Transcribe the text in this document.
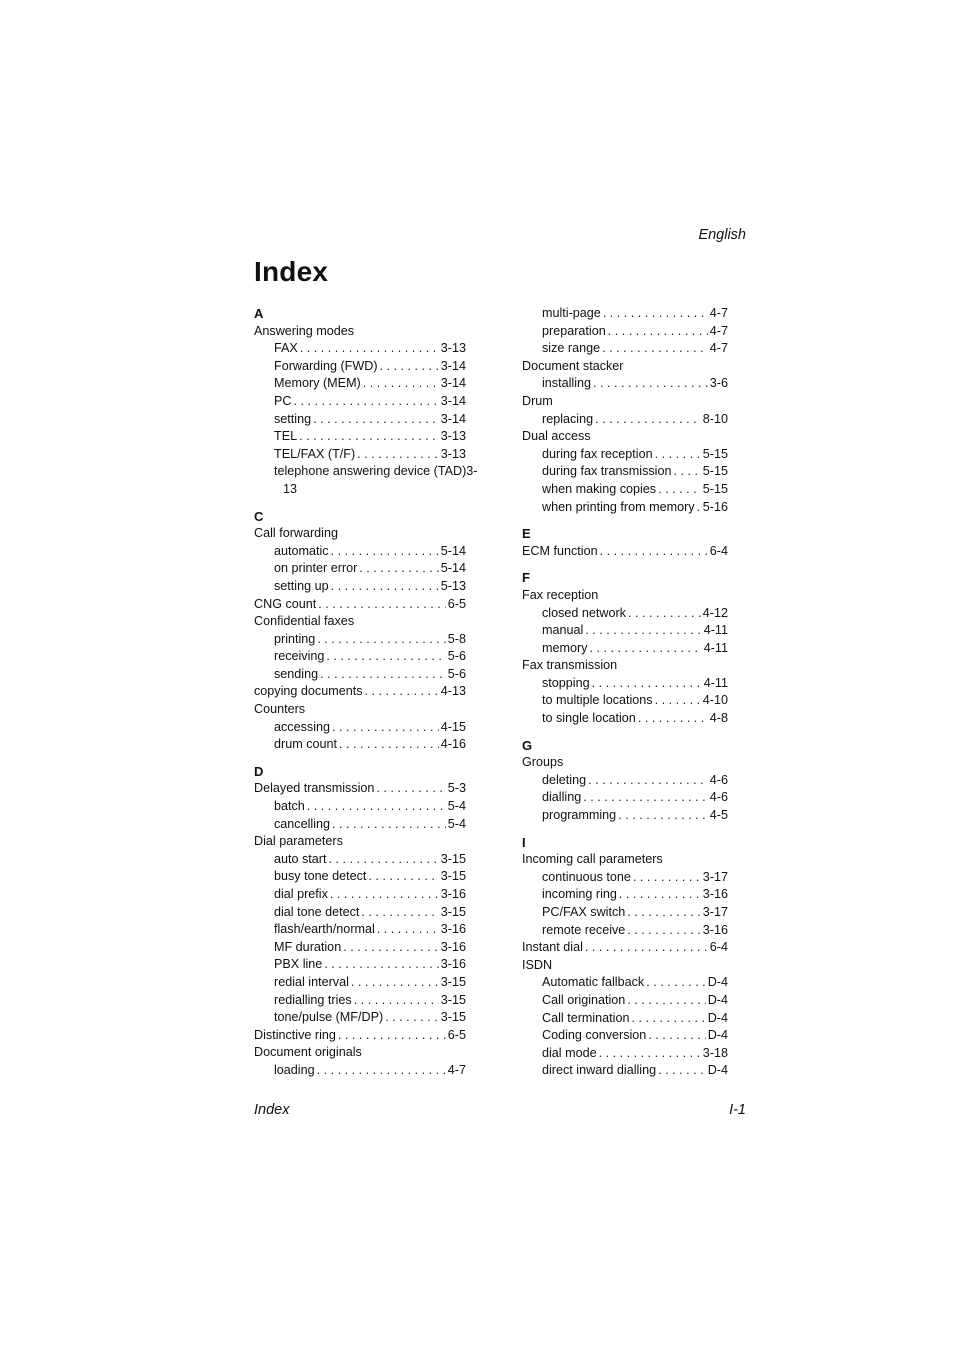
English
Index
A
Answering modes
FAX . . .	3-13
Forwarding (FWD) . . .	3-14
Memory (MEM) . . .	3-14
PC . . .	3-14
setting . . .	3-14
TEL . . .	3-13
TEL/FAX (T/F) . . .	3-13
telephone answering device (TAD)3-
13
C
Call forwarding
automatic . . .	5-14
on printer error . . .	5-14
setting up . . .	5-13
CNG count . . .	6-5
Confidential faxes
printing . . .	5-8
receiving . . .	5-6
sending . . .	5-6
copying documents . . .	4-13
Counters
accessing . . .	4-15
drum count . . .	4-16
D
Delayed transmission . . .	5-3
batch . . .	5-4
cancelling . . .	5-4
Dial parameters
auto start . . .	3-15
busy tone detect . . .	3-15
dial prefix . . .	3-16
dial tone detect . . .	3-15
flash/earth/normal . . .	3-16
MF duration . . .	3-16
PBX line . . .	3-16
redial interval . . .	3-15
redialling tries . . .	3-15
tone/pulse (MF/DP) . . .	3-15
Distinctive ring . . .	6-5
Document originals
loading . . .	4-7
multi-page . . .	4-7
preparation . . .	4-7
size range . . .	4-7
Document stacker
installing . . .	3-6
Drum
replacing . . .	8-10
Dual access
during fax reception . . .	5-15
during fax transmission . . . 5-15
when making copies . . .	5-15
when printing from memory . . . 5-16
E
ECM function . . .	6-4
F
Fax reception
closed network . . .	4-12
manual . . .	4-11
memory . . .	4-11
Fax transmission
stopping . . .	4-11
to multiple locations . . .	4-10
to single location . . .	4-8
G
Groups
deleting . . .	4-6
dialling . . .	4-6
programming . . .	4-5
I
Incoming call parameters
continuous tone . . .	3-17
incoming ring . . .	3-16
PC/FAX switch . . .	3-17
remote receive . . .	3-16
Instant dial . . .	6-4
ISDN
Automatic fallback . . .	D-4
Call origination . . .	D-4
Call termination . . .	D-4
Coding conversion . . .	D-4
dial mode . . .	3-18
direct inward dialling . . .	D-4
Index	I-1
